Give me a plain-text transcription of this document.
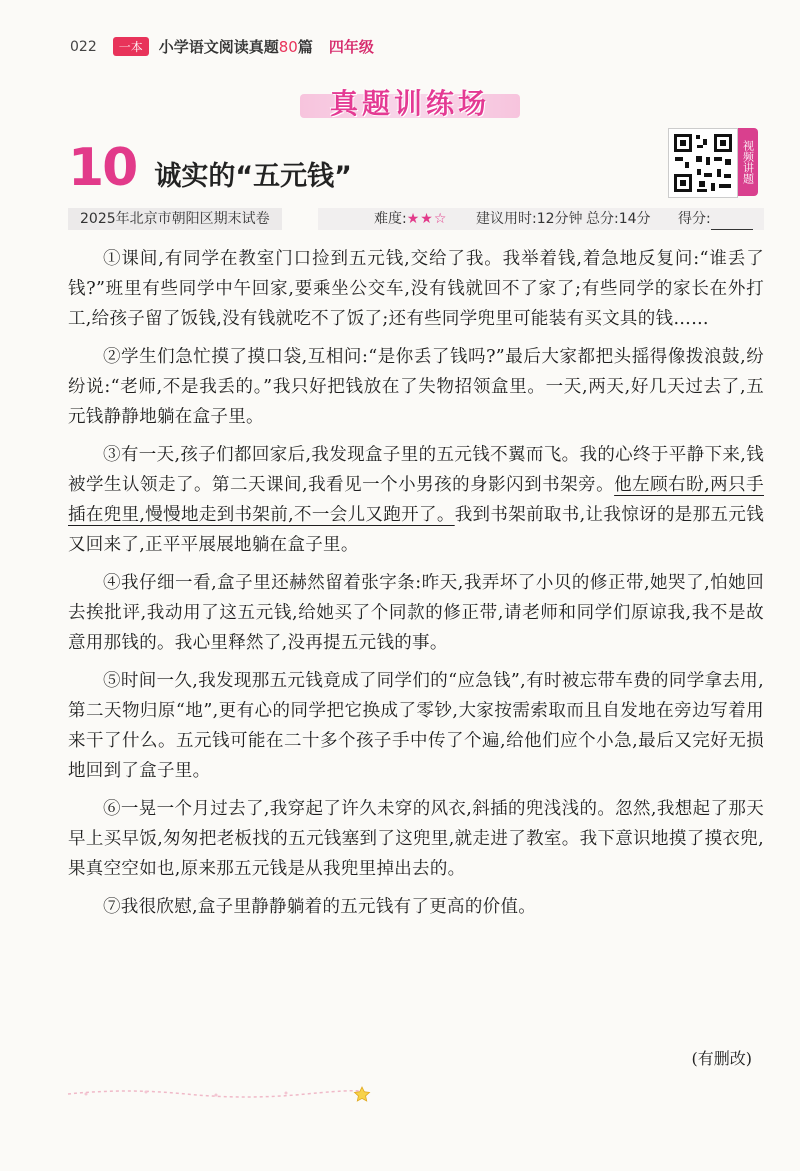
022	一本	小学语文阅读真题80篇 四年级
真题训练场
10 诚实的“五元钱”	视频讲题
2025年北京市朝阳区期末试卷	难度:★★☆ 建议用时:12分钟 总分:14分 得分:

①课间,有同学在教室门口捡到五元钱,交给了我。我举着钱,着急地反复问:“谁丢了钱?”班里有些同学中午回家,要乘坐公交车,没有钱就回不了家了;有些同学的家长在外打工,给孩子留了饭钱,没有钱就吃不了饭了;还有些同学兜里可能装有买文具的钱……

②学生们急忙摸了摸口袋,互相问:“是你丢了钱吗?”最后大家都把头摇得像拨浪鼓,纷纷说:“老师,不是我丢的。”我只好把钱放在了失物招领盒里。一天,两天,好几天过去了,五元钱静静地躺在盒子里。

③有一天,孩子们都回家后,我发现盒子里的五元钱不翼而飞。我的心终于平静下来,钱被学生认领走了。第二天课间,我看见一个小男孩的身影闪到书架旁。他左顾右盼,两只手插在兜里,慢慢地走到书架前,不一会儿又跑开了。我到书架前取书,让我惊讶的是那五元钱又回来了,正平平展展地躺在盒子里。

④我仔细一看,盒子里还赫然留着张字条:昨天,我弄坏了小贝的修正带,她哭了,怕她回去挨批评,我动用了这五元钱,给她买了个同款的修正带,请老师和同学们原谅我,我不是故意用那钱的。我心里释然了,没再提五元钱的事。

⑤时间一久,我发现那五元钱竟成了同学们的“应急钱”,有时被忘带车费的同学拿去用,第二天物归原“地”,更有心的同学把它换成了零钞,大家按需索取而且自发地在旁边写着用来干了什么。五元钱可能在二十多个孩子手中传了个遍,给他们应个小急,最后又完好无损地回到了盒子里。

⑥一晃一个月过去了,我穿起了许久未穿的风衣,斜插的兜浅浅的。忽然,我想起了那天早上买早饭,匆匆把老板找的五元钱塞到了这兜里,就走进了教室。我下意识地摸了摸衣兜,果真空空如也,原来那五元钱是从我兜里掉出去的。

⑦我很欣慰,盒子里静静躺着的五元钱有了更高的价值。

(有删改)
